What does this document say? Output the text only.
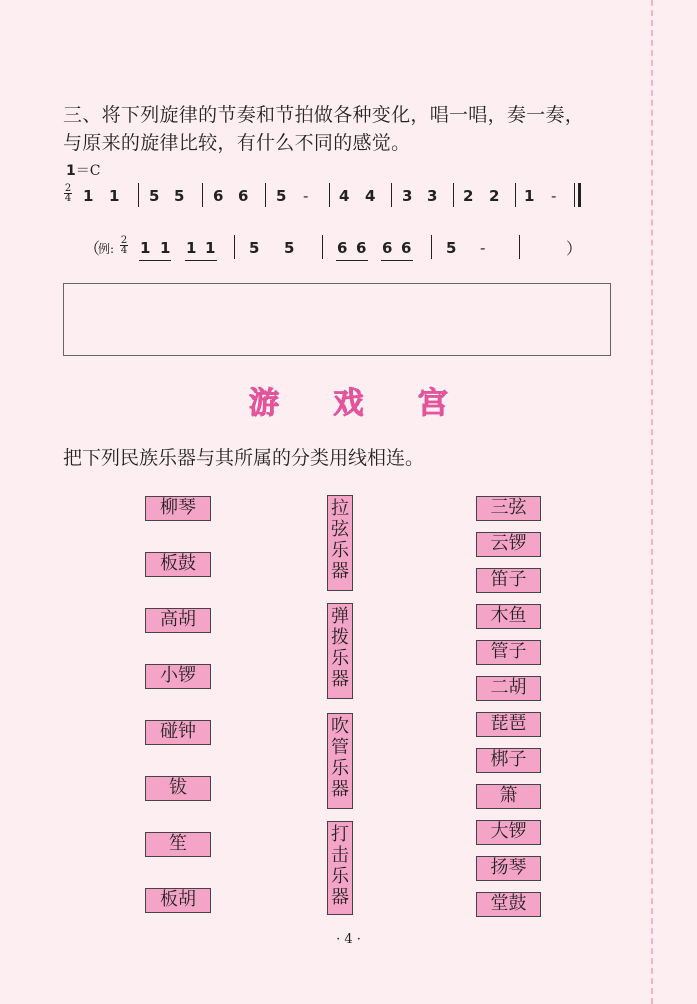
三、将下列旋律的节奏和节拍做各种变化，唱一唱，奏一奏，
与原来的旋律比较，有什么不同的感觉。
1＝C
2
4 1 1 5 5 6 6 5 - 4 4 3 3 2 2 1 -
（
例:
2
4 1 1 1 1 5 5	6 6 6 6 5 -	）
游 戏 宫
把下列民族乐器与其所属的分类用线相连。
柳琴
板鼓
高胡
小锣
碰钟
钹
笙
板胡
拉
弦
乐
器
弹
拨
乐
器
吹
管
乐
器
打
击
乐
器
三弦
云锣
笛子
木鱼
管子
二胡
琵琶
梆子
箫
大锣
扬琴
堂鼓
· 4 ·
